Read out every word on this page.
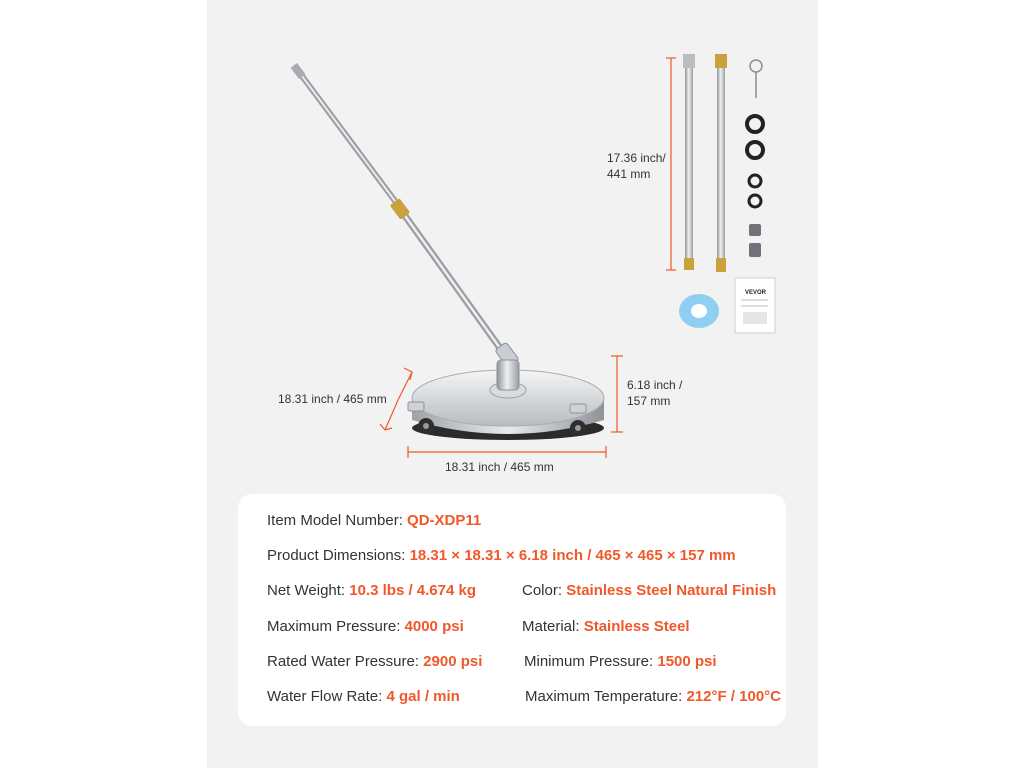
17.36 inch/
441 mm
VEVOR
18.31 inch / 465 mm
6.18 inch /
157 mm
18.31 inch / 465 mm
Item Model Number: QD-XDP11
Product Dimensions: 18.31 × 18.31 × 6.18 inch / 465 × 465 × 157 mm
Net Weight: 10.3 lbs / 4.674 kg	Color: Stainless Steel Natural Finish
Maximum Pressure: 4000 psi	Material: Stainless Steel
Rated Water Pressure: 2900 psi	Minimum Pressure: 1500 psi
Water Flow Rate: 4 gal / min	Maximum Temperature: 212°F / 100°C
